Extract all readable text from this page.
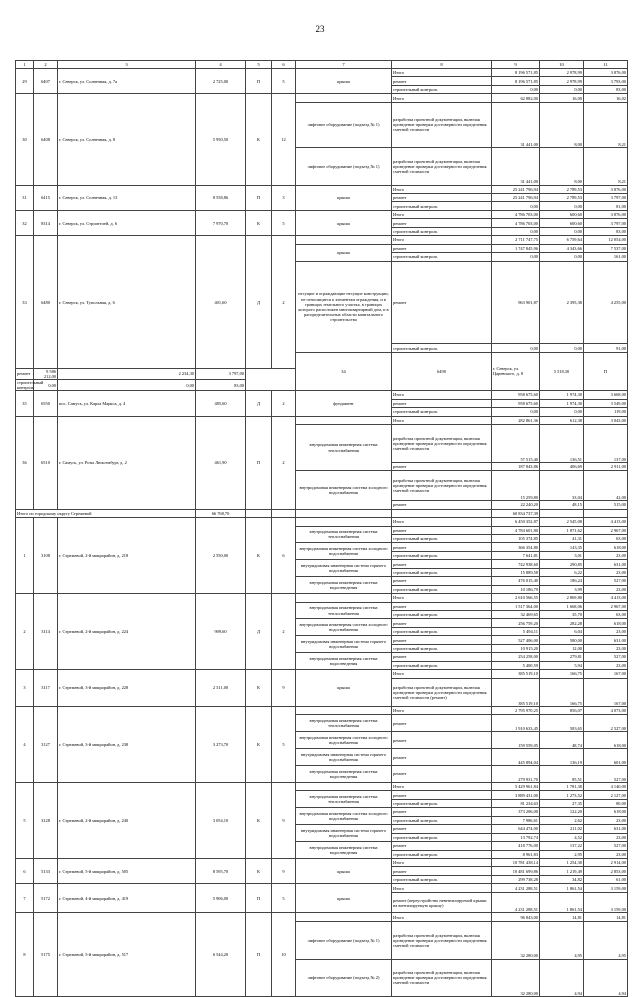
23
1	2	3	4	5	6	7	8	9	10	11	
29	6407	г. Северск, ул. Солнечная, д. 7а	2 725,00	П	5	крыша	Итого	8 196 571,85	2 978,99	3 876,00	
							ремонт	8 196 571,85	2 978,99	3 793,00	
							строительный контроль	0,00	0,00	83,00	
30	6408	г. Северск, ул. Солнечная, д. 8	5 950,50	К	12		Итого	62 882,00	16,00	16,02	
						лифтовое оборудование (подъезд № 1)	разработка проектной документации, включая проведение проверки достоверности определения сметной стоимости	31 441,00	8,00	8,21	
						лифтовое оборудование (подъезд № 1)	разработка проектной документации, включая проведение проверки достоверности определения сметной стоимости	31 441,00	8,00	8,21	
31	6415	г. Северск, ул. Солнечная, д. 13	8 558,86	П	3	крыша	Итого	25 241 796,94	2 789,53	3 876,00	
							ремонт	25 241 796,94	2 789,53	3 797,00	
							строительный контроль	0,00	0,00	81,00	
32	8314	г. Северск, ул. Строителей, д. 6	7 970,70	К	5	крыша	Итого	4 786 703,00	600,60	3 876,00	
							ремонт	4 786 703,00	600,60	3 797,00	
							строительный контроль	0,00	0,00	83,00	
33	6480	г. Северск, ул. Тупольная, д. 6	401,60	Д	2		Итого	2 711 747,75	6 759,64	12 054,00	
						крыша	ремонт	1 747 845,96	4 343,66	7 537,00	
							строительный контроль	0,00	0,00	161,00	
						несущие и ограждающие несущие конструкции, не относящиеся к элементам ограждения, и в границах земельного участка, в границах которого расположен многоквартирный дом, и в распределительных области капитального строительства	ремонт	963 901,87	2 395,38	4 255,00	
							строительный контроль	0,00	0,00	91,00	
						34	6490	г. Северск, ул. Царевского, д. 8	5 518,30	П						
ремонт	9 586 212,00	2 234,30	3 797,00								
строительный контроль	0,00	0,00	83,00								
35	6550	пос. Самусь, ул. Карла Маркса, д. 4	485,60	Д	2	фундамент	Итого	958 675,60	1 974,30	3 668,00	
							ремонт	958 675,60	1 974,30	3 549,00	
							строительный контроль	0,00	0,00	119,00	
36	6510	г. Самусь, ул. Розы Люксембург, д. 2	461,90	П	2		Итого	282 861,36	612,38	3 043,00	
						внутридомовая инженерная система теплоснабжения	разработка проектной документации, включая проведение проверки достоверности определения сметной стоимости	57 515,40	136,51	137,00	
							ремонт	187 843,86	406,69	2 911,00	
						внутридомовая инженерная система холодного водоснабжения	разработка проектной документации, включая проведение проверки достоверности определения сметной стоимости	15 259,80	33,04	42,00	
							ремонт	22 240,20	48,15	515,00	
Итого по городскому округу Стрежевой			66 768,70					60 834 737,39			
1	3108	г. Стрежевой, 2-й микрорайон, д. 218	2 550,00	К	6		Итого	6 450 352,87	2 545,08	4 413,00	
						внутридомовая инженерная система теплоснабжения	ремонт	4 784 601,80	1 871,62	2 967,00	
							строительный контроль	105 374,85	41,31	63,00	
						внутридомовая инженерная система холодного водоснабжения	ремонт	366 354,80	143,35	618,00	
							строительный контроль	7 641,81	3,01	23,00	
						внутридомовая инженерная система горячего водоснабжения	ремонт	742 938,60	290,85	631,00	
							строительный контроль	15 889,58	6,22	23,00	
						внутридомовая инженерная система водоотведения	ремонт	476 015,40	186,24	527,00	
							строительный контроль	10 186,79	3,99	23,00	
2	3114	г. Стрежевой, 2-й микрорайон, д. 224	909,60	Д	2		Итого	2 610 566,55	2 869,80	4 413,00	
						внутридомовая инженерная система теплоснабжения	ремонт	1 517 364,00	1 668,06	2 967,00	
							строительный контроль	32 469,65	35,70	63,00	
						внутридомовая инженерная система холодного водоснабжения	ремонт	256 759,20	282,28	618,00	
							строительный контроль	5 494,11	6,04	23,00	
						внутридомовая инженерная система горячего водоснабжения	ремонт	527 406,00	580,00	631,00	
							строительный контроль	10 915,20	12,00	23,00	
						внутридомовая инженерная система водоотведения	ремонт	254 258,00	279,81	527,00	
							строительный контроль	5 400,59	5,94	23,00	
3	3117	г. Стрежевой, 3-й микрорайон, д. 228	2 311,00	К	9	крыша	Итого	385 519,10	166,75	167,00	
							разработка проектной документации, включая проведение проверки достоверности определения сметной стоимости (ремонт)	385 519,10	166,75	167,00	
4	3127	г. Стрежевой, 3-й микрорайон, д. 238	3 273,70	К	5		Итого	2 795 970,25	856,07	4 073,00	
						внутридомовая инженерная система теплоснабжения	ремонт	1 910 633,45	583,65	2 527,00	
						внутридомовая инженерная система холодного водоснабжения	ремонт	159 559,05	48,74	618,00	
						внутридомовая инженерная система горячего водоснабжения	ремонт	445 894,04	136,19	601,00	
						внутридомовая инженерная система водоотведения	ремонт	279 931,70	85,51	527,00	
5	3128	г. Стрежевой, 2-й микрорайон, д. 240	3 054,10	К	9		Итого	5 429 961,84	1 781,38	4 140,00	
						внутридомовая инженерная система теплоснабжения	ремонт	3 889 431,00	1 273,52	2 127,00	
							строительный контроль	81 234,63	27,35	80,00	
						внутридомовая инженерная система холодного водоснабжения	ремонт	373 206,00	122,20	618,00	
							строительный контроль	7 986,61	2,62	23,00	
						внутридомовая инженерная система горячего водоснабжения	ремонт	644 474,00	211,02	631,00	
							строительный контроль	13 792,74	4,52	23,00	
						внутридомовая инженерная система водоотведения	ремонт	418 776,00	137,22	527,00	
							строительный контроль	8 961,83	2,95	23,00	
6	5133	г. Стрежевой, 5-й микрорайон, д. 505	8 595,70	К	9	крыша	Итого	10 781 438,14	1 254,30	2 914,00	
							ремонт	10 481 699,86	1 219,49	2 853,00	
							строительный контроль	299 738,28	34,82	61,00	
7	5172	г. Стрежевой, 4-й микрорайон, д. 419	5 906,00	П	5	крыша	Итого	4 231 288,51	1 861,54	3 159,00	
							ремонт (переустройство невентилируемой крыши на вентилируемую крышу)	4 231 288,51	1 861,54	3 159,00	
8	5175	г. Стрежевой, 5-й микрорайон, д. 517	6 544,20	П	10		Итого	96 843,00	14,81	14,81	
						лифтовое оборудование (подъезд № 1)	разработка проектной документации, включая проведение проверки достоверности определения сметной стоимости	32 280,00	4,95	4,95	
						лифтовое оборудование (подъезд № 2)	разработка проектной документации, включая проведение проверки достоверности определения сметной стоимости	32 280,00	4,94	4,94	
